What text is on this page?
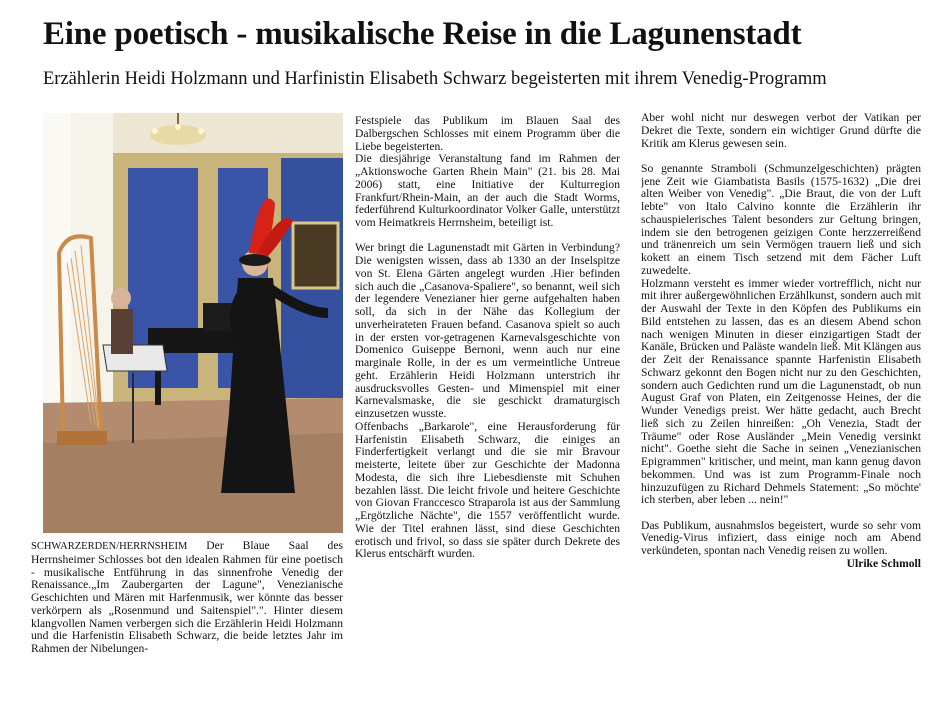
Eine poetisch - musikalische Reise in die Lagunenstadt
Erzählerin Heidi Holzmann und Harfinistin Elisabeth Schwarz begeisterten mit ihrem Venedig-Programm

SCHWARZERDEN/HERRNSHEIM Der Blaue Saal des Herrnsheimer Schlosses bot den idealen Rahmen für eine poetisch - musikalische Entführung in das sinnenfrohe Venedig der Renaissance.„Im Zaubergarten der Lagune", Venezianische Geschichten und Mären mit Harfenmusik, wer könnte das besser verkörpern als „Rosenmund und Saitenspiel".". Hinter diesem klangvollen Namen verbergen sich die Erzählerin Heidi Holzmann und die Harfenistin Elisabeth Schwarz, die beide letztes Jahr im Rahmen der Nibelungen-

Festspiele das Publikum im Blauen Saal des Dalbergschen Schlosses mit einem Programm über die Liebe begeisterten.

Die diesjährige Veranstaltung fand im Rahmen der „Aktionswoche Garten Rhein Main" (21. bis 28. Mai 2006) statt, eine Initiative der Kulturregion Frankfurt/Rhein-Main, an der auch die Stadt Worms, federführend Kulturkoordinator Volker Galle, unterstützt vom Heimatkreis Herrnsheim, beteiligt ist.

Wer bringt die Lagunenstadt mit Gärten in Verbindung? Die wenigsten wissen, dass ab 1330 an der Inselspitze von St. Elena Gärten angelegt wurden .Hier befinden sich auch die „Casanova-Spaliere", so benannt, weil sich der legendere Venezianer hier gerne aufgehalten haben soll, da sich in der Nähe das Kollegium der unverheirateten Frauen befand. Casanova spielt so auch in der ersten vor-getragenen Karnevalsgeschichte von Domenico Guiseppe Bernoni, wenn auch nur eine marginale Rolle, in der es um vermeintliche Untreue geht. Erzählerin Heidi Holzmann unterstrich ihr ausdrucksvolles Gesten- und Mimenspiel mit einer Karnevalsmaske, die sie geschickt dramaturgisch einzusetzen wusste.

Offenbachs „Barkarole", eine Herausforderung für Harfenistin Elisabeth Schwarz, die einiges an Finderfertigkeit verlangt und die sie mir Bravour meisterte, leitete über zur Geschichte der Madonna Modesta, die sich ihre Liebesdienste mit Schuhen bezahlen lässt. Die leicht frivole und heitere Geschichte von Giovan Franccesco Straparola ist aus der Sammlung „Ergötzliche Nächte", die 1557 veröffentlicht wurde. Wie der Titel erahnen lässt, sind diese Geschichten erotisch und frivol, so dass sie später durch Dekrete des Klerus entschärft wurden.

Aber wohl nicht nur deswegen verbot der Vatikan per Dekret die Texte, sondern ein wichtiger Grund dürfte die Kritik am Klerus gewesen sein.

So genannte Stramboli (Schmunzelgeschichten) prägten jene Zeit wie Giambatista Basils (1575-1632) „Die drei alten Weiber von Venedig". „Die Braut, die von der Luft lebte" von Italo Calvino konnte die Erzählerin ihr schauspielerisches Talent besonders zur Geltung bringen, indem sie den betrogenen geizigen Conte herzzerreißend und tränenreich um sein Vermögen trauern ließ und sich kokett an einem Tisch setzend mit dem Fächer Luft zuwedelte.

Holzmann versteht es immer wieder vortrefflich, nicht nur mit ihrer außergewöhnlichen Erzählkunst, sondern auch mit der Auswahl der Texte in den Köpfen des Publikums ein Bild entstehen zu lassen, das es an diesem Abend schon nach wenigen Minuten in dieser einzigartigen Stadt der Kanäle, Brücken und Paläste wandeln ließ. Mit Klängen aus der Zeit der Renaissance spannte Harfenistin Elisabeth Schwarz gekonnt den Bogen nicht nur zu den Geschichten, sondern auch Gedichten rund um die Lagunenstadt, ob nun August Graf von Platen, ein Zeitgenosse Heines, der die Wunder Venedigs preist. Wer hätte gedacht, auch Brecht ließ sich zu Zeilen hinreißen: „Oh Venezia, Stadt der Träume" oder Rose Ausländer „Mein Venedig versinkt nicht". Goethe sieht die Sache in seinen „Venezianischen Epigrammen" kritischer, und meint, man kann genug davon bekommen. Und was ist zum Programm-Finale noch hinzuzufügen zu Richard Dehmels Statement: „So möchte' ich sterben, aber leben ... nein!"

Das Publikum, ausnahmslos begeistert, wurde so sehr vom Venedig-Virus infiziert, dass einige noch am Abend verkündeten, spontan nach Venedig reisen zu wollen.
Ulrike Schmoll
